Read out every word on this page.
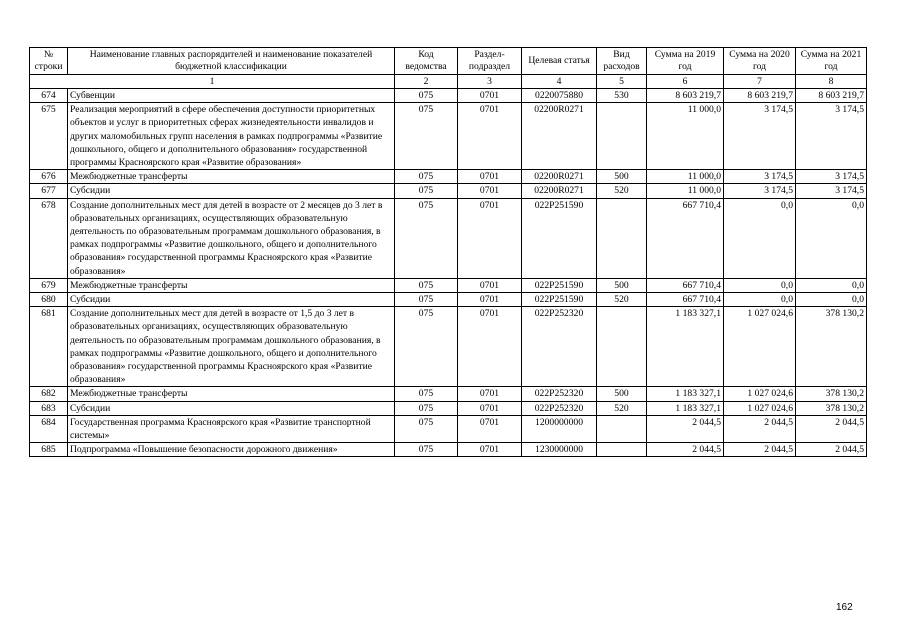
№ строки	Наименование главных распорядителей и наименование показателей бюджетной классификации	Код ведомства	Раздел-подраздел	Целевая статья	Вид расходов	Сумма на 2019 год	Сумма на 2020 год	Сумма на 2021 год
1		2	3	4	5	6	7	8
674	Субвенции	075	0701	0220075880	530	8 603 219,7	8 603 219,7	8 603 219,7
675	Реализация мероприятий в сфере обеспечения доступности приоритетных объектов и услуг в приоритетных сферах жизнедеятельности инвалидов и других маломобильных групп населения в рамках подпрограммы «Развитие дошкольного, общего и дополнительного образования» государственной программы Красноярского края «Развитие образования»	075	0701	02200R0271		11 000,0	3 174,5	3 174,5
676	Межбюджетные трансферты	075	0701	02200R0271	500	11 000,0	3 174,5	3 174,5
677	Субсидии	075	0701	02200R0271	520	11 000,0	3 174,5	3 174,5
678	Создание дополнительных мест для детей в возрасте от 2 месяцев до 3 лет в образовательных организациях, осуществляющих образовательную деятельность по образовательным программам дошкольного образования, в рамках подпрограммы «Развитие дошкольного, общего и дополнительного образования» государственной программы Красноярского края «Развитие образования»	075	0701	022P251590		667 710,4	0,0	0,0
679	Межбюджетные трансферты	075	0701	022P251590	500	667 710,4	0,0	0,0
680	Субсидии	075	0701	022P251590	520	667 710,4	0,0	0,0
681	Создание дополнительных мест для детей в возрасте от 1,5 до 3 лет в образовательных организациях, осуществляющих образовательную деятельность по образовательным программам дошкольного образования, в рамках подпрограммы «Развитие дошкольного, общего и дополнительного образования» государственной программы Красноярского края «Развитие образования»	075	0701	022P252320		1 183 327,1	1 027 024,6	378 130,2
682	Межбюджетные трансферты	075	0701	022P252320	500	1 183 327,1	1 027 024,6	378 130,2
683	Субсидии	075	0701	022P252320	520	1 183 327,1	1 027 024,6	378 130,2
684	Государственная программа Красноярского края «Развитие транспортной системы»	075	0701	1200000000		2 044,5	2 044,5	2 044,5
685	Подпрограмма «Повышение безопасности дорожного движения»	075	0701	1230000000		2 044,5	2 044,5	2 044,5
162
